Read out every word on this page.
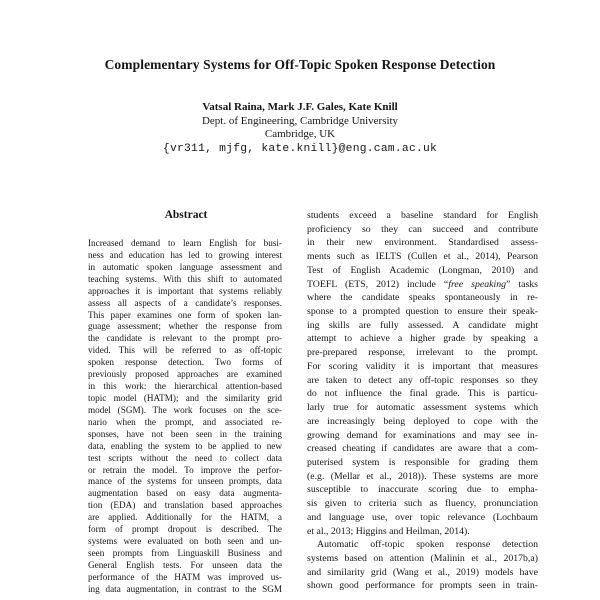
Complementary Systems for Off-Topic Spoken Response Detection
Vatsal Raina, Mark J.F. Gales, Kate Knill
Dept. of Engineering, Cambridge University
Cambridge, UK
{vr311, mjfg, kate.knill}@eng.cam.ac.uk
Abstract
Increased demand to learn English for busi-
ness and education has led to growing interest
in automatic spoken language assessment and
teaching systems. With this shift to automated
approaches it is important that systems reliably
assess all aspects of a candidate’s responses.
This paper examines one form of spoken lan-
guage assessment; whether the response from
the candidate is relevant to the prompt pro-
vided. This will be referred to as off-topic
spoken response detection. Two forms of
previously proposed approaches are examined
in this work: the hierarchical attention-based
topic model (HATM); and the similarity grid
model (SGM). The work focuses on the sce-
nario when the prompt, and associated re-
sponses, have not been seen in the training
data, enabling the system to be applied to new
test scripts without the need to collect data
or retrain the model. To improve the perfor-
mance of the systems for unseen prompts, data
augmentation based on easy data augmenta-
tion (EDA) and translation based approaches
are applied. Additionally for the HATM, a
form of prompt dropout is described. The
systems were evaluated on both seen and un-
seen prompts from Linguaskill Business and
General English tests. For unseen data the
performance of the HATM was improved us-
ing data augmentation, in contrast to the SGM
students exceed a baseline standard for English
proficiency so they can succeed and contribute
in their new environment. Standardised assess-
ments such as IELTS (Cullen et al., 2014), Pearson
Test of English Academic (Longman, 2010) and
TOEFL (ETS, 2012) include “free speaking” tasks
where the candidate speaks spontaneously in re-
sponse to a prompted question to ensure their speak-
ing skills are fully assessed. A candidate might
attempt to achieve a higher grade by speaking a
pre-prepared response, irrelevant to the prompt.
For scoring validity it is important that measures
are taken to detect any off-topic responses so they
do not influence the final grade. This is particu-
larly true for automatic assessment systems which
are increasingly being deployed to cope with the
growing demand for examinations and may see in-
creased cheating if candidates are aware that a com-
puterised system is responsible for grading them
(e.g. (Mellar et al., 2018)). These systems are more
susceptible to inaccurate scoring due to empha-
sis given to criteria such as fluency, pronunciation
and language use, over topic relevance (Lochbaum
et al., 2013; Higgins and Heilman, 2014).
Automatic off-topic spoken response detection
systems based on attention (Malinin et al., 2017b,a)
and similarity grid (Wang et al., 2019) models have
shown good performance for prompts seen in train-
